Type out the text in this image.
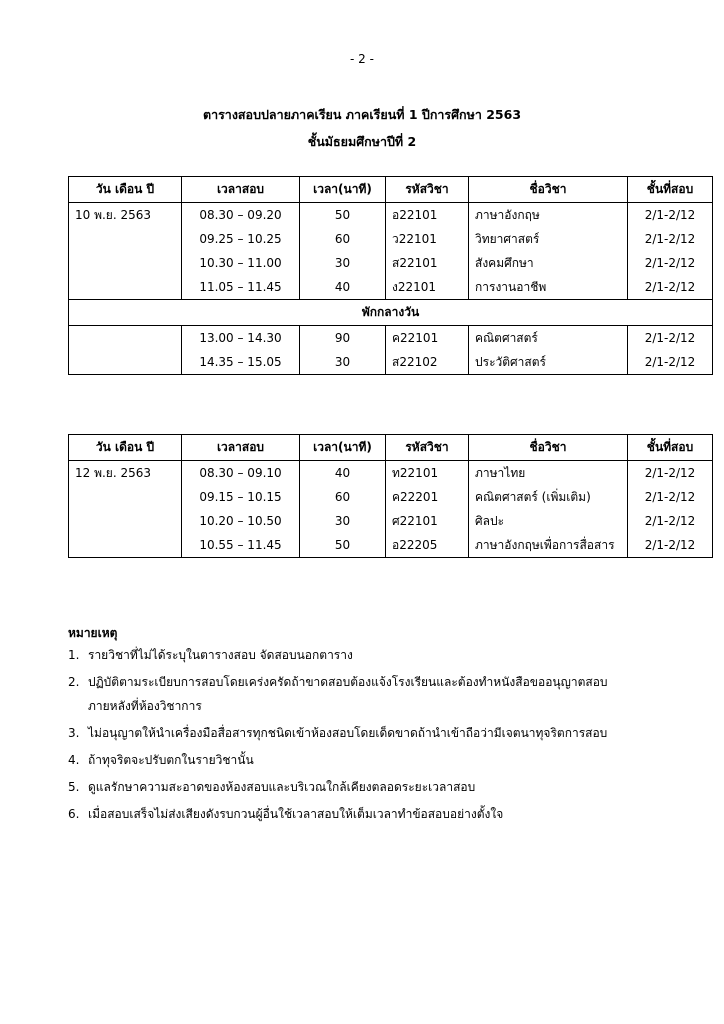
- 2 -
ตารางสอบปลายภาคเรียน ภาคเรียนที่ 1 ปีการศึกษา 2563
ชั้นมัธยมศึกษาปีที่ 2
วัน เดือน ปี	เวลาสอบ	เวลา(นาที)	รหัสวิชา	ชื่อวิชา	ชั้นที่สอบ
10 พ.ย. 2563	08.30 – 09.20	50	อ22101	ภาษาอังกฤษ	2/1-2/12
	09.25 – 10.25	60	ว22101	วิทยาศาสตร์	2/1-2/12
	10.30 – 11.00	30	ส22101	สังคมศึกษา	2/1-2/12
	11.05 – 11.45	40	ง22101	การงานอาชีพ	2/1-2/12
พักกลางวัน					
	13.00 – 14.30	90	ค22101	คณิตศาสตร์	2/1-2/12
	14.35 – 15.05	30	ส22102	ประวัติศาสตร์	2/1-2/12
วัน เดือน ปี	เวลาสอบ	เวลา(นาที)	รหัสวิชา	ชื่อวิชา	ชั้นที่สอบ
12 พ.ย. 2563	08.30 – 09.10	40	ท22101	ภาษาไทย	2/1-2/12
	09.15 – 10.15	60	ค22201	คณิตศาสตร์ (เพิ่มเติม)	2/1-2/12
	10.20 – 10.50	30	ศ22101	ศิลปะ	2/1-2/12
	10.55 – 11.45	50	อ22205	ภาษาอังกฤษเพื่อการสื่อสาร	2/1-2/12
หมายเหตุ
1. รายวิชาที่ไม่ได้ระบุในตารางสอบ จัดสอบนอกตาราง
2. ปฏิบัติตามระเบียบการสอบโดยเคร่งครัดถ้าขาดสอบต้องแจ้งโรงเรียนและต้องทำหนังสือขออนุญาตสอบ
ภายหลังที่ห้องวิชาการ
3. ไม่อนุญาตให้นำเครื่องมือสื่อสารทุกชนิดเข้าห้องสอบโดยเด็ดขาดถ้านำเข้าถือว่ามีเจตนาทุจริตการสอบ
4. ถ้าทุจริตจะปรับตกในรายวิชานั้น
5. ดูแลรักษาความสะอาดของห้องสอบและบริเวณใกล้เคียงตลอดระยะเวลาสอบ
6. เมื่อสอบเสร็จไม่ส่งเสียงดังรบกวนผู้อื่นใช้เวลาสอบให้เต็มเวลาทำข้อสอบอย่างตั้งใจ
